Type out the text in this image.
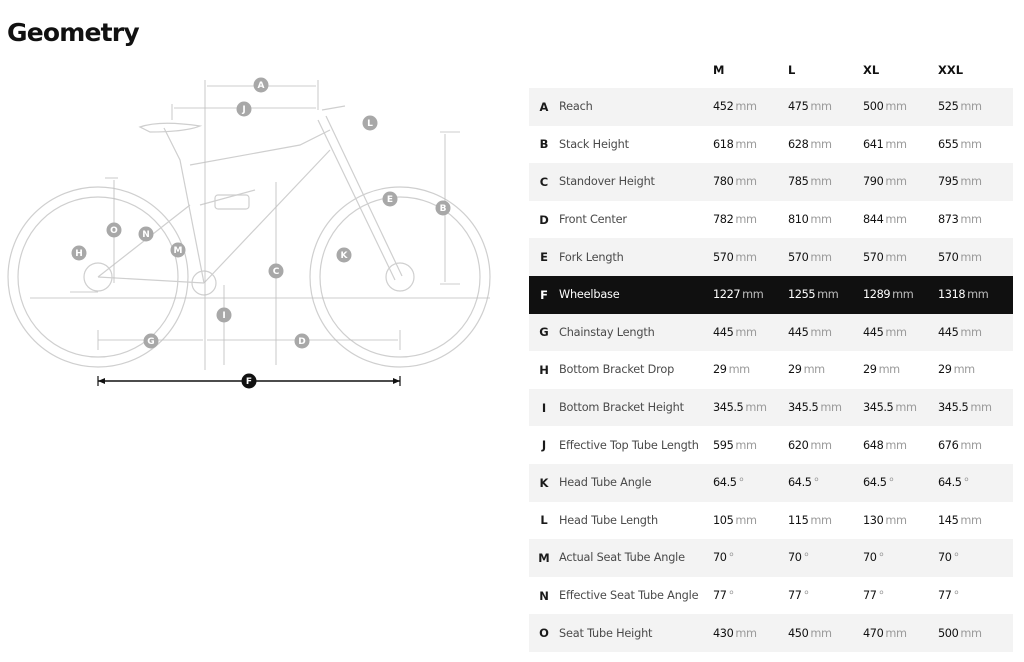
Geometry
A
B
C
D
E
F
G
H
I
J
K
L
M
N
O
		M	L	XL	XXL
A	Reach	452 mm	475 mm	500 mm	525 mm
B	Stack Height	618 mm	628 mm	641 mm	655 mm
C	Standover Height	780 mm	785 mm	790 mm	795 mm
D	Front Center	782 mm	810 mm	844 mm	873 mm
E	Fork Length	570 mm	570 mm	570 mm	570 mm
F	Wheelbase	1227 mm	1255 mm	1289 mm	1318 mm
G	Chainstay Length	445 mm	445 mm	445 mm	445 mm
H	Bottom Bracket Drop	29 mm	29 mm	29 mm	29 mm
I	Bottom Bracket Height	345.5 mm	345.5 mm	345.5 mm	345.5 mm
J	Effective Top Tube Length	595 mm	620 mm	648 mm	676 mm
K	Head Tube Angle	64.5 °	64.5 °	64.5 °	64.5 °
L	Head Tube Length	105 mm	115 mm	130 mm	145 mm
M	Actual Seat Tube Angle	70 °	70 °	70 °	70 °
N	Effective Seat Tube Angle	77 °	77 °	77 °	77 °
O	Seat Tube Height	430 mm	450 mm	470 mm	500 mm
